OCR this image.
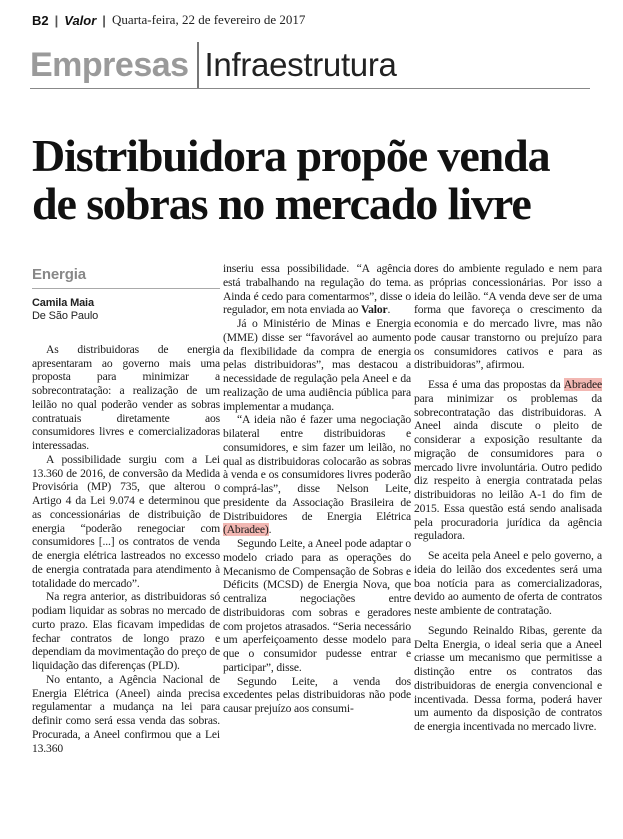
B2 | Valor | Quarta-feira, 22 de fevereiro de 2017
Empresas Infraestrutura
Distribuidora propõe venda
de sobras no mercado livre
Energia
Camila Maia
De São Paulo

As distribuidoras de energia apresentaram ao governo mais uma proposta para minimizar a sobrecontratação: a realização de um leilão no qual poderão vender as sobras contratuais diretamente aos consumidores livres e comercializadoras interessadas.

A possibilidade surgiu com a Lei 13.360 de 2016, de conversão da Medida Provisória (MP) 735, que alterou o Artigo 4 da Lei 9.074 e determinou que as concessionárias de distribuição de energia “poderão renegociar com consumidores [...] os contratos de venda de energia elétrica lastreados no excesso de energia contratada para atendimento à totalidade do mercado”.

Na regra anterior, as distribuidoras só podiam liquidar as sobras no mercado de curto prazo. Elas ficavam impedidas de fechar contratos de longo prazo e dependiam da movimentação do preço de liquidação das diferenças (PLD).

No entanto, a Agência Nacional de Energia Elétrica (Aneel) ainda precisa regulamentar a mudança na lei para definir como será essa venda das sobras. Procurada, a Aneel confirmou que a Lei 13.360

inseriu essa possibilidade. “A agência está trabalhando na regulação do tema. Ainda é cedo para comentarmos”, disse o regulador, em nota enviada ao Valor.

Já o Ministério de Minas e Energia (MME) disse ser “favorável ao aumento da flexibilidade da compra de energia pelas distribuidoras”, mas destacou a necessidade de regulação pela Aneel e da realização de uma audiência pública para implementar a mudança.

“A ideia não é fazer uma negociação bilateral entre distribuidoras e consumidores, e sim fazer um leilão, no qual as distribuidoras colocarão as sobras à venda e os consumidores livres poderão comprá-las”, disse Nelson Leite, presidente da Associação Brasileira de Distribuidores de Energia Elétrica (Abradee).

Segundo Leite, a Aneel pode adaptar o modelo criado para as operações do Mecanismo de Compensação de Sobras e Déficits (MCSD) de Energia Nova, que centraliza negociações entre distribuidoras com sobras e geradores com projetos atrasados. “Seria necessário um aperfeiçoamento desse modelo para que o consumidor pudesse entrar e participar”, disse.

Segundo Leite, a venda dos excedentes pelas distribuidoras não pode causar prejuízo aos consumi-

dores do ambiente regulado e nem para as próprias concessionárias. Por isso a ideia do leilão. “A venda deve ser de uma forma que favoreça o crescimento da economia e do mercado livre, mas não pode causar transtorno ou prejuízo para os consumidores cativos e para as distribuidoras”, afirmou.

Essa é uma das propostas da Abradee para minimizar os problemas da sobrecontratação das distribuidoras. A Aneel ainda discute o pleito de considerar a exposição resultante da migração de consumidores para o mercado livre involuntária. Outro pedido diz respeito à energia contratada pelas distribuidoras no leilão A-1 do fim de 2015. Essa questão está sendo analisada pela procuradoria jurídica da agência reguladora.

Se aceita pela Aneel e pelo governo, a ideia do leilão dos excedentes será uma boa notícia para as comercializadoras, devido ao aumento de oferta de contratos neste ambiente de contratação.

Segundo Reinaldo Ribas, gerente da Delta Energia, o ideal seria que a Aneel criasse um mecanismo que permitisse a distinção entre os contratos das distribuidoras de energia convencional e incentivada. Dessa forma, poderá haver um aumento da disposição de contratos de energia incentivada no mercado livre.
